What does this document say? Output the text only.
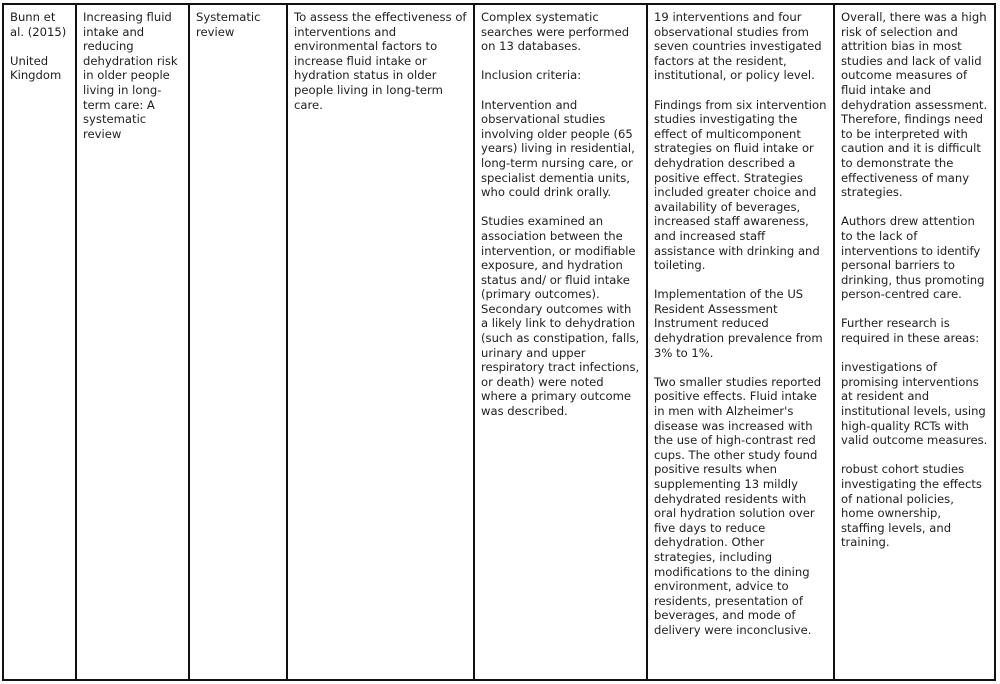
Bunn et al. (2015)

United Kingdom

Increasing fluid intake and reducing dehydration risk in older people living in long-term care: A systematic review

Systematic review

To assess the effectiveness of interventions and environmental factors to increase fluid intake or hydration status in older people living in long-term care.

Complex systematic searches were performed on 13 databases.

Inclusion criteria:

Intervention and observational studies involving older people (65 years) living in residential, long-term nursing care, or specialist dementia units, who could drink orally.

Studies examined an association between the intervention, or modifiable exposure, and hydration status and/ or fluid intake (primary outcomes). Secondary outcomes with a likely link to dehydration (such as constipation, falls, urinary and upper respiratory tract infections, or death) were noted where a primary outcome was described.

19 interventions and four observational studies from seven countries investigated factors at the resident, institutional, or policy level.

Findings from six intervention studies investigating the effect of multicomponent strategies on fluid intake or dehydration described a positive effect. Strategies included greater choice and availability of beverages, increased staff awareness, and increased staff assistance with drinking and toileting.

Implementation of the US Resident Assessment Instrument reduced dehydration prevalence from 3% to 1%.

Two smaller studies reported positive effects. Fluid intake in men with Alzheimer's disease was increased with the use of high-contrast red cups. The other study found positive results when supplementing 13 mildly dehydrated residents with oral hydration solution over five days to reduce dehydration. Other strategies, including modifications to the dining environment, advice to residents, presentation of beverages, and mode of delivery were inconclusive.

Overall, there was a high risk of selection and attrition bias in most studies and lack of valid outcome measures of fluid intake and dehydration assessment. Therefore, findings need to be interpreted with caution and it is difficult to demonstrate the effectiveness of many strategies.

Authors drew attention to the lack of interventions to identify personal barriers to drinking, thus promoting person-centred care.

Further research is required in these areas:

investigations of promising interventions at resident and institutional levels, using high-quality RCTs with valid outcome measures.

robust cohort studies investigating the effects of national policies, home ownership, staffing levels, and training.
